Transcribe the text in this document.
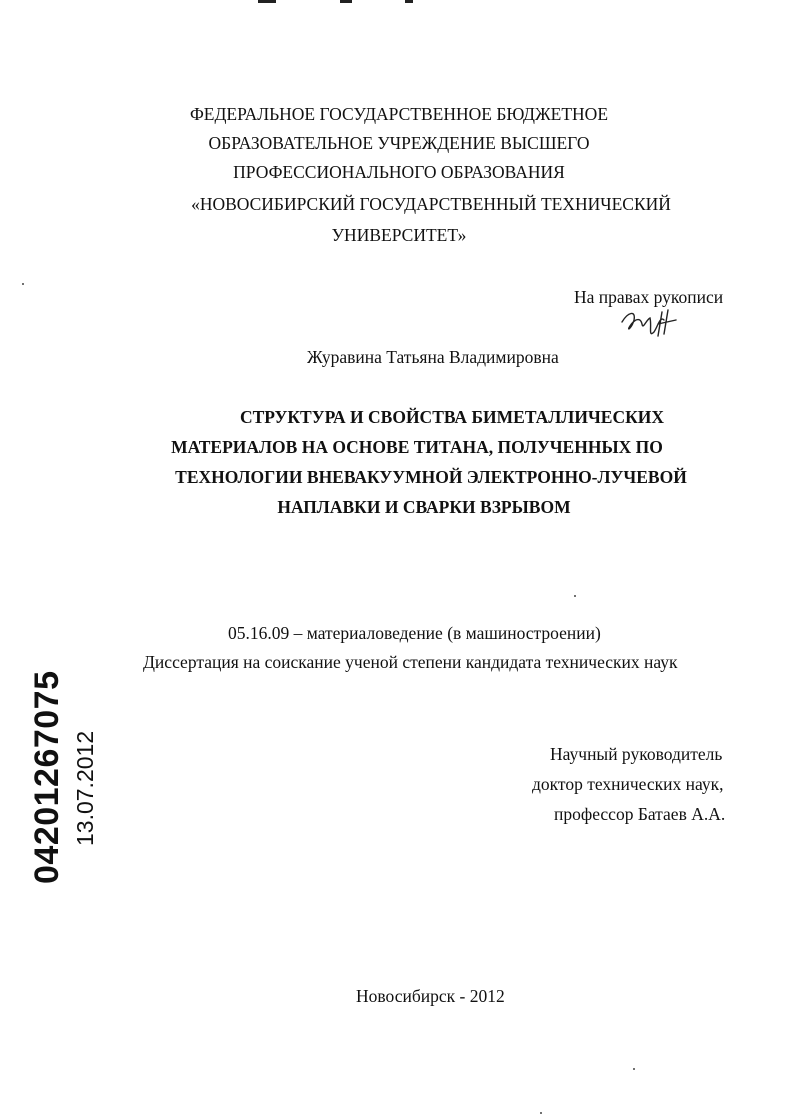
ФЕДЕРАЛЬНОЕ ГОСУДАРСТВЕННОЕ БЮДЖЕТНОЕ
ОБРАЗОВАТЕЛЬНОЕ УЧРЕЖДЕНИЕ ВЫСШЕГО
ПРОФЕССИОНАЛЬНОГО ОБРАЗОВАНИЯ
«НОВОСИБИРСКИЙ ГОСУДАРСТВЕННЫЙ ТЕХНИЧЕСКИЙ
УНИВЕРСИТЕТ»
На правах рукописи
Журавина Татьяна Владимировна
СТРУКТУРА И СВОЙСТВА БИМЕТАЛЛИЧЕСКИХ
МАТЕРИАЛОВ НА ОСНОВЕ ТИТАНА, ПОЛУЧЕННЫХ ПО
ТЕХНОЛОГИИ ВНЕВАКУУМНОЙ ЭЛЕКТРОННО-ЛУЧЕВОЙ
НАПЛАВКИ И СВАРКИ ВЗРЫВОМ
05.16.09 – материаловедение (в машиностроении)
Диссертация на соискание ученой степени кандидата технических наук
Научный руководитель
доктор технических наук,
профессор Батаев А.А.
04201267075 13.07.2012
Новосибирск - 2012
